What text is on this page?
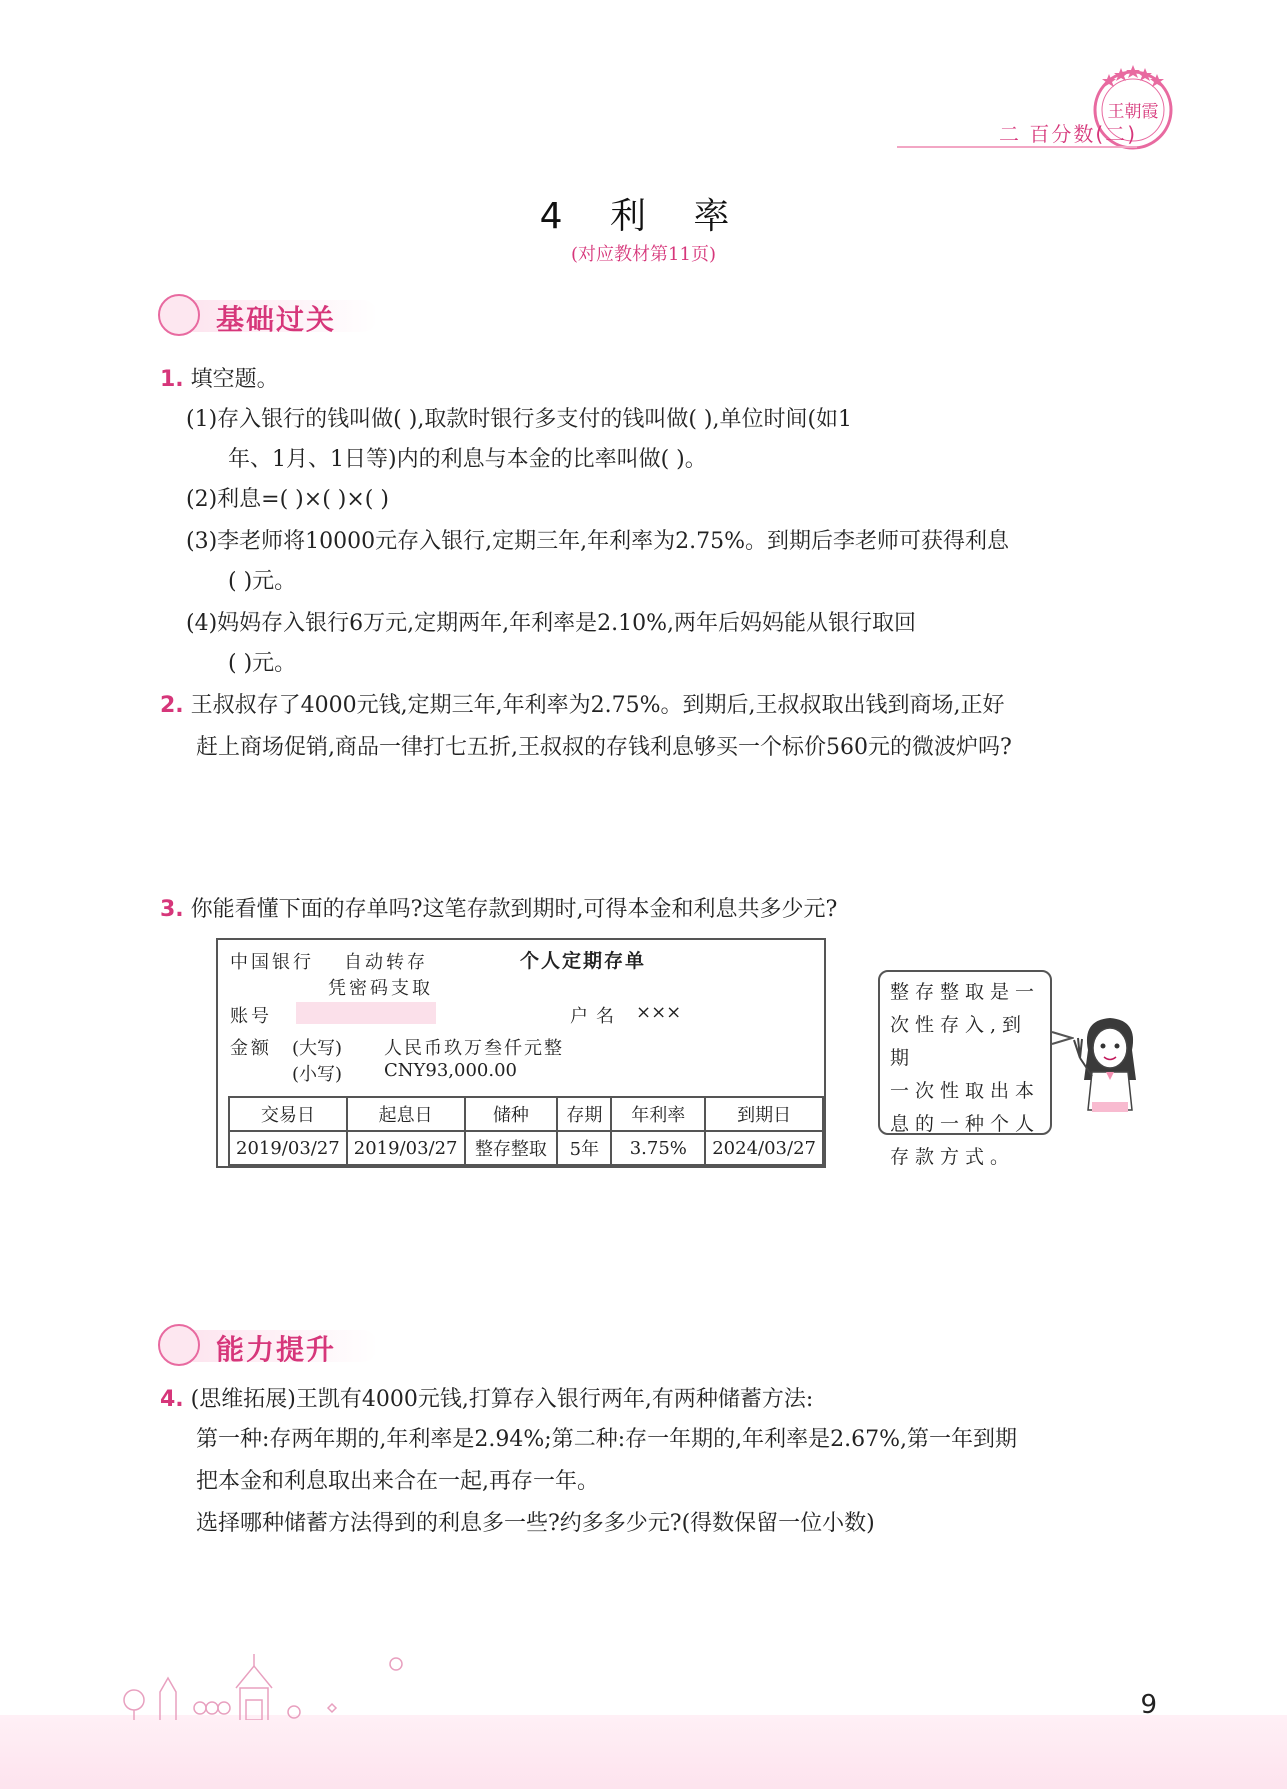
王朝霞
二 百分数(二)
4 利 率
(对应教材第11页)
基础过关
1. 填空题。
(1)存入银行的钱叫做( ),取款时银行多支付的钱叫做( ),单位时间(如1
年、1月、1日等)内的利息与本金的比率叫做( )。
(2)利息=( )×( )×( )
(3)李老师将10000元存入银行,定期三年,年利率为2.75%。到期后李老师可获得利息
( )元。
(4)妈妈存入银行6万元,定期两年,年利率是2.10%,两年后妈妈能从银行取回
( )元。
2. 王叔叔存了4000元钱,定期三年,年利率为2.75%。到期后,王叔叔取出钱到商场,正好
赶上商场促销,商品一律打七五折,王叔叔的存钱利息够买一个标价560元的微波炉吗?
3. 你能看懂下面的存单吗?这笔存款到期时,可得本金和利息共多少元?
中国银行 自动转存	个人定期存单
凭密码支取
账号	户名 ×××
金额 (大写) 人民币玖万叁仟元整
(小写) CNY93,000.00
交易日	起息日	储种	存期	年利率	到期日
2019/03/27	2019/03/27	整存整取	5年	3.75%	2024/03/27
整存整取是一
次性存入,到期
一次性取出本
息的一种个人
存款方式。
能力提升
4. (思维拓展)王凯有4000元钱,打算存入银行两年,有两种储蓄方法:
第一种:存两年期的,年利率是2.94%;第二种:存一年期的,年利率是2.67%,第一年到期
把本金和利息取出来合在一起,再存一年。
选择哪种储蓄方法得到的利息多一些?约多多少元?(得数保留一位小数)
9
